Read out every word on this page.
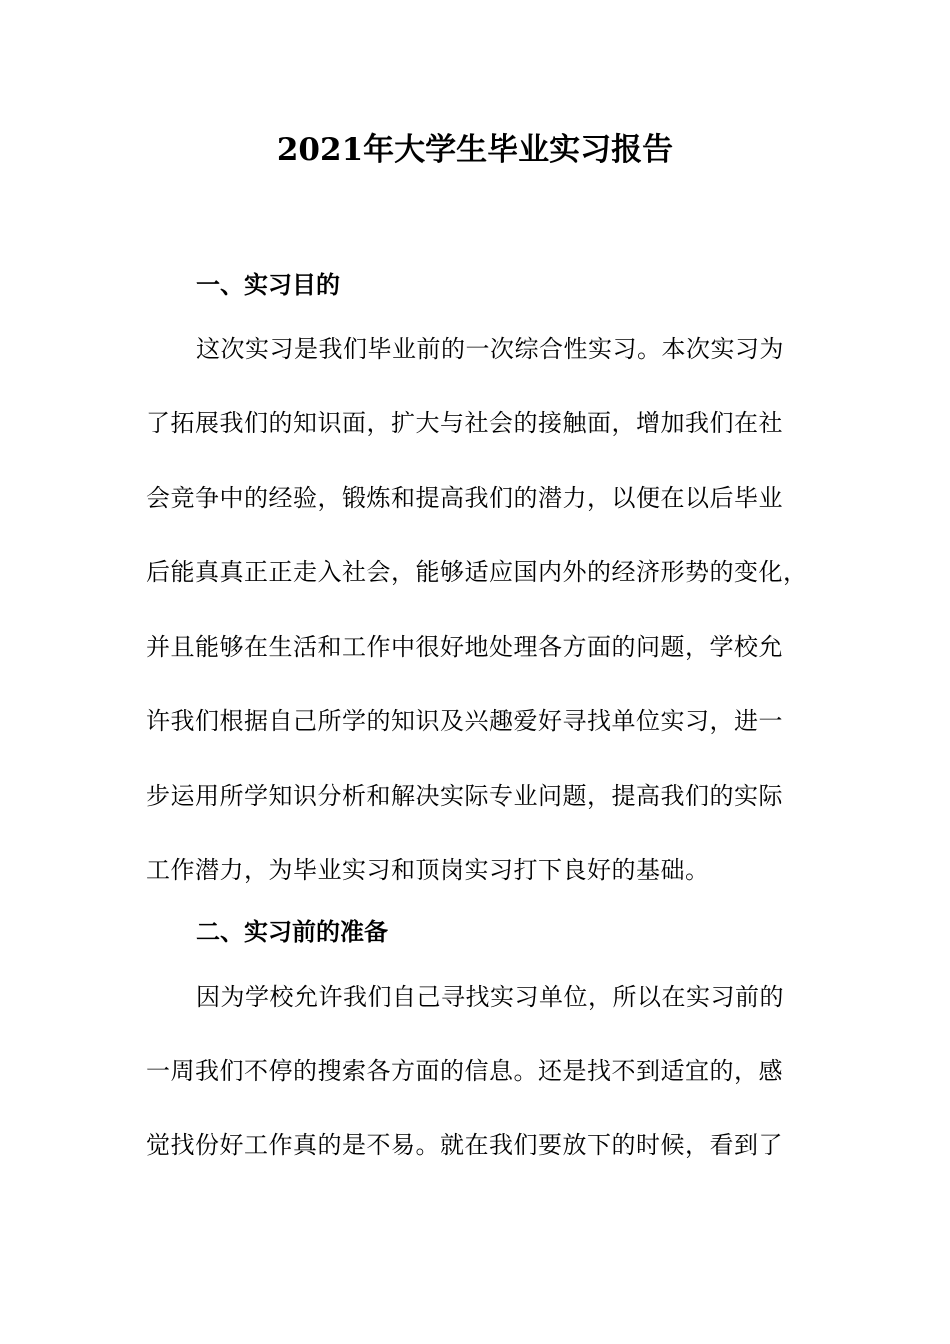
2021年大学生毕业实习报告
一、实习目的

这次实习是我们毕业前的一次综合性实习。本次实习为

了拓展我们的知识面，扩大与社会的接触面，增加我们在社

会竞争中的经验，锻炼和提高我们的潜力，以便在以后毕业

后能真真正正走入社会，能够适应国内外的经济形势的变化，

并且能够在生活和工作中很好地处理各方面的问题，学校允

许我们根据自己所学的知识及兴趣爱好寻找单位实习，进一

步运用所学知识分析和解决实际专业问题，提高我们的实际

工作潜力，为毕业实习和顶岗实习打下良好的基础。

二、实习前的准备

因为学校允许我们自己寻找实习单位，所以在实习前的

一周我们不停的搜索各方面的信息。还是找不到适宜的，感

觉找份好工作真的是不易。就在我们要放下的时候，看到了
